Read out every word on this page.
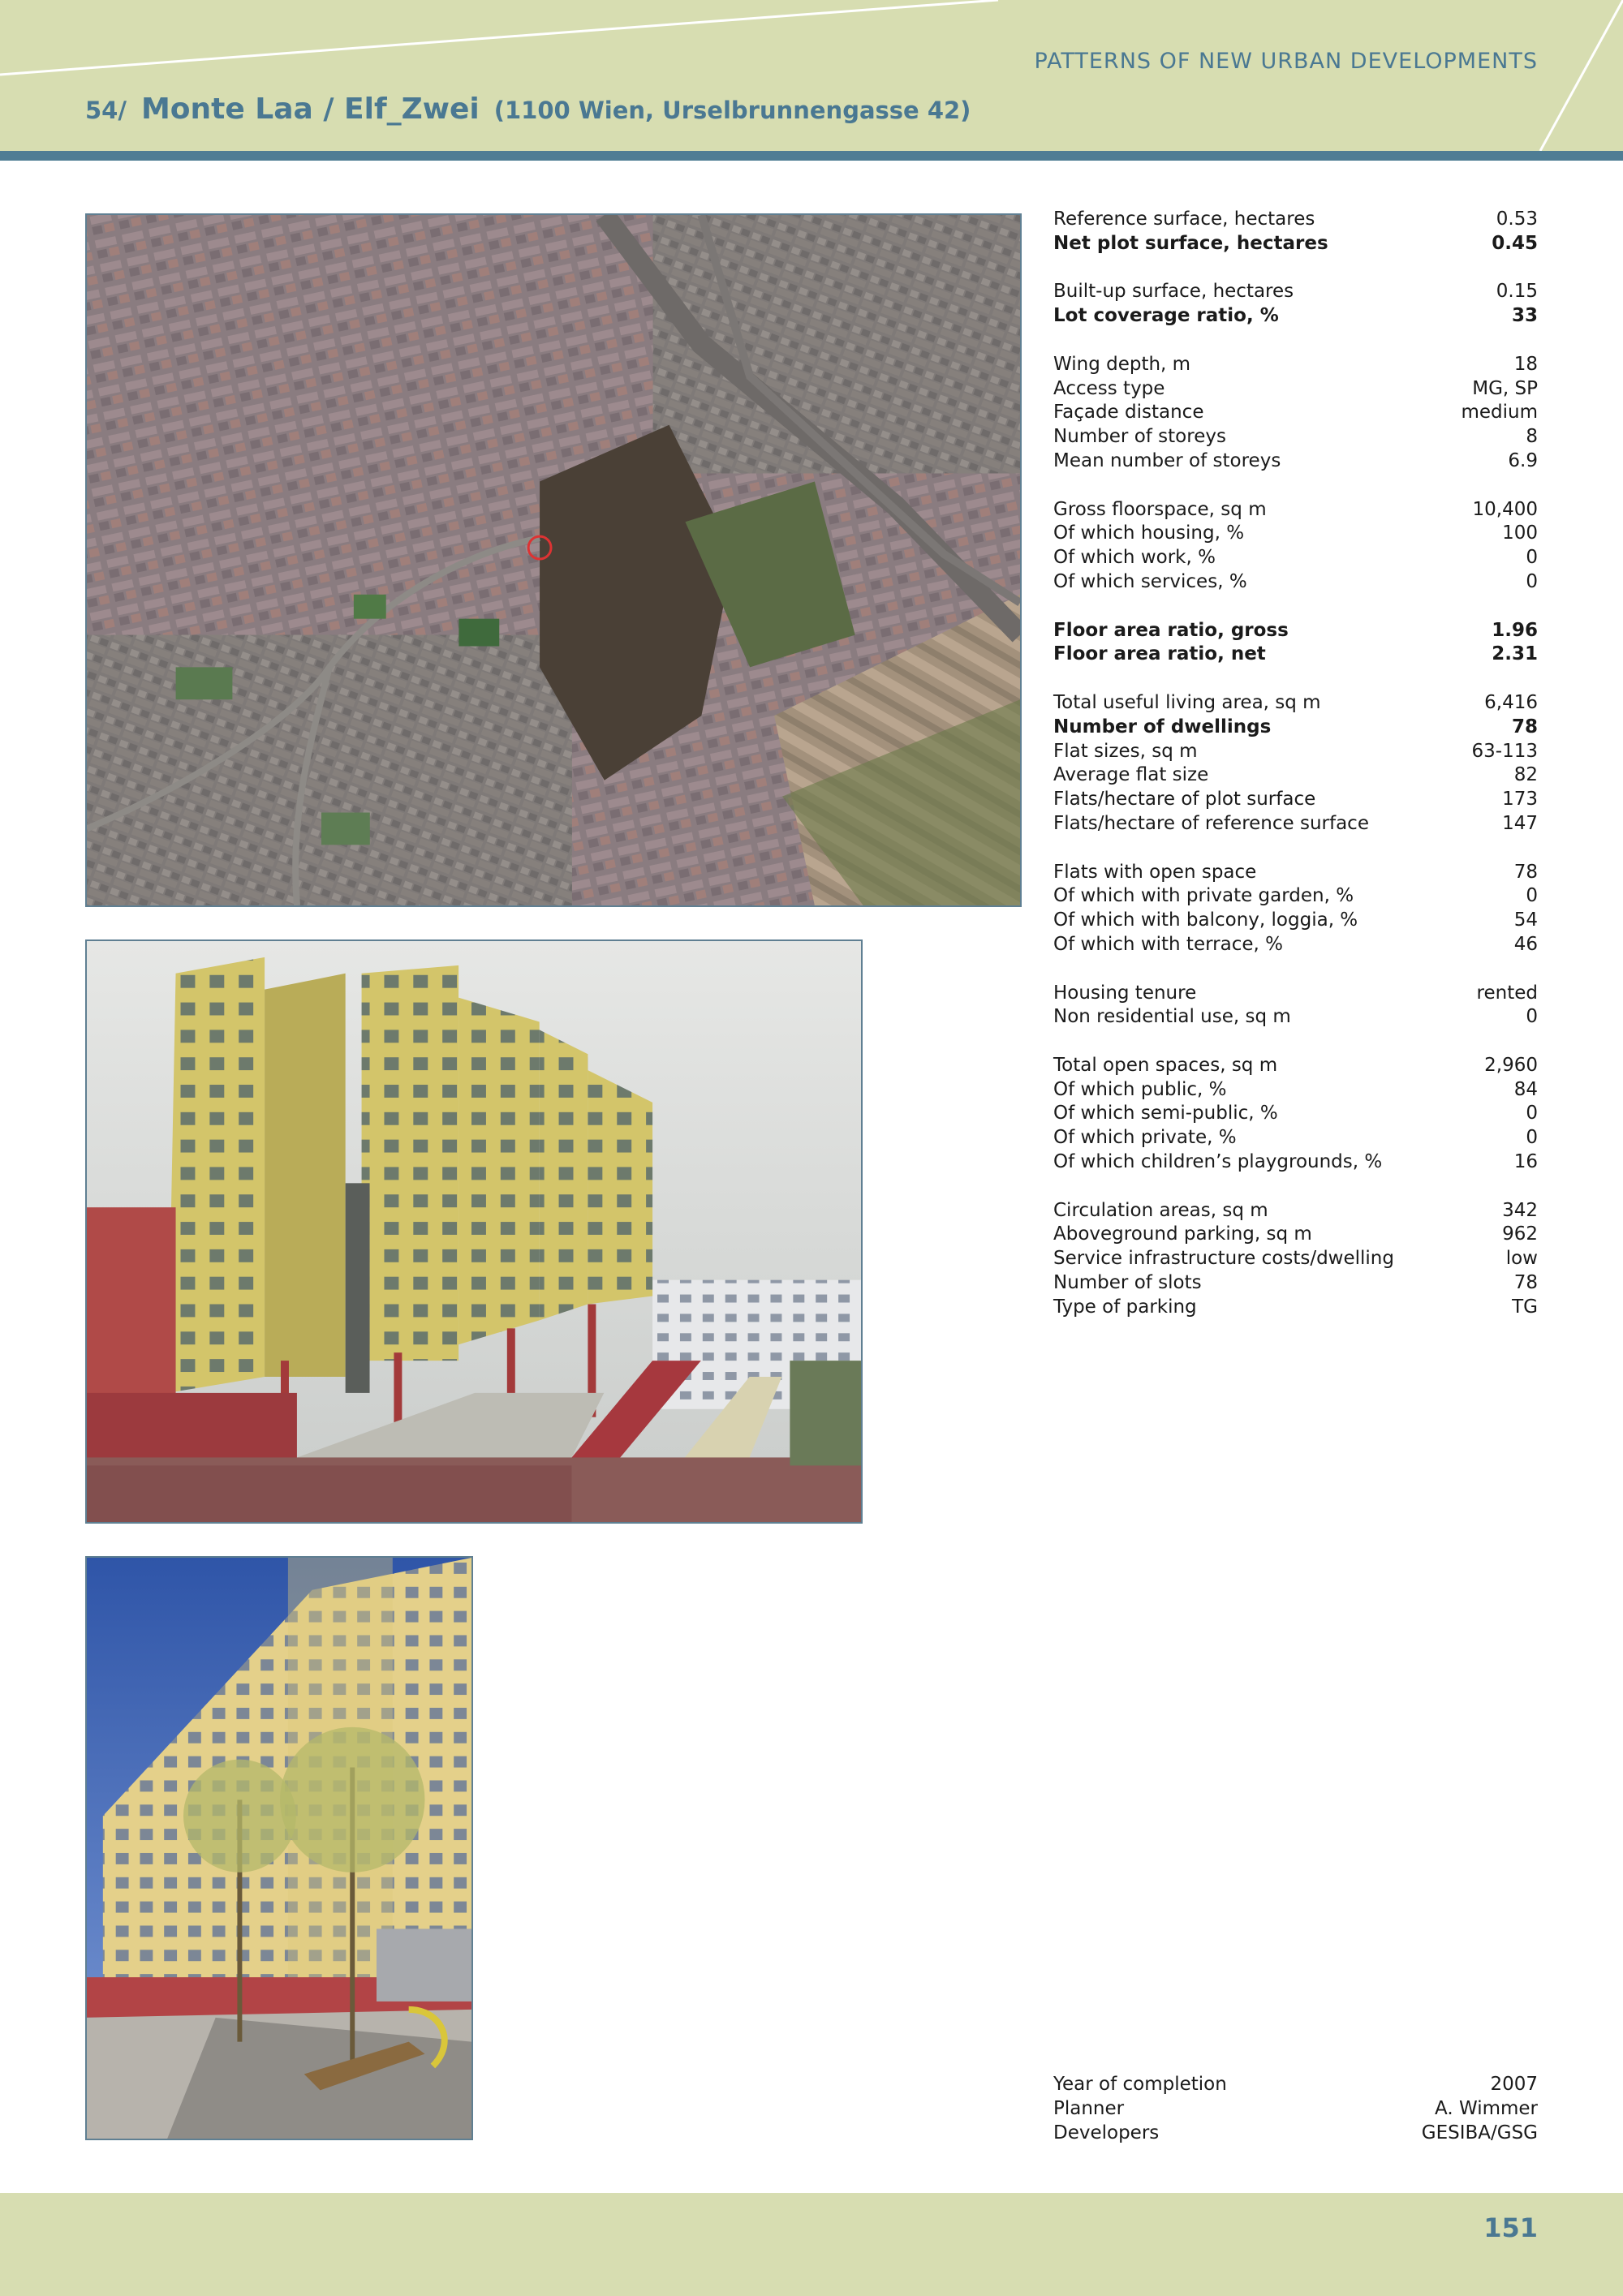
PATTERNS OF NEW URBAN DEVELOPMENTS
54/ Monte Laa / Elf_Zwei (1100 Wien, Urselbrunnengasse 42)
Reference surface, hectares	0.53
Net plot surface, hectares	0.45
Built-up surface, hectares	0.15
Lot coverage ratio, %	33
Wing depth, m	18
Access type	MG, SP
Façade distance	medium
Number of storeys	8
Mean number of storeys	6.9
Gross floorspace, sq m	10,400
Of which housing, %	100
Of which work, %	0
Of which services, %	0
Floor area ratio, gross	1.96
Floor area ratio, net	2.31
Total useful living area, sq m	6,416
Number of dwellings	78
Flat sizes, sq m	63-113
Average flat size	82
Flats/hectare of plot surface	173
Flats/hectare of reference surface	147
Flats with open space	78
Of which with private garden, %	0
Of which with balcony, loggia, %	54
Of which with terrace, %	46
Housing tenure	rented
Non residential use, sq m	0
Total open spaces, sq m	2,960
Of which public, %	84
Of which semi-public, %	0
Of which private, %	0
Of which children’s playgrounds, %	16
Circulation areas, sq m	342
Aboveground parking, sq m	962
Service infrastructure costs/dwelling	low
Number of slots	78
Type of parking	TG
Year of completion	2007
Planner	A. Wimmer
Developers	GESIBA/GSG
151
